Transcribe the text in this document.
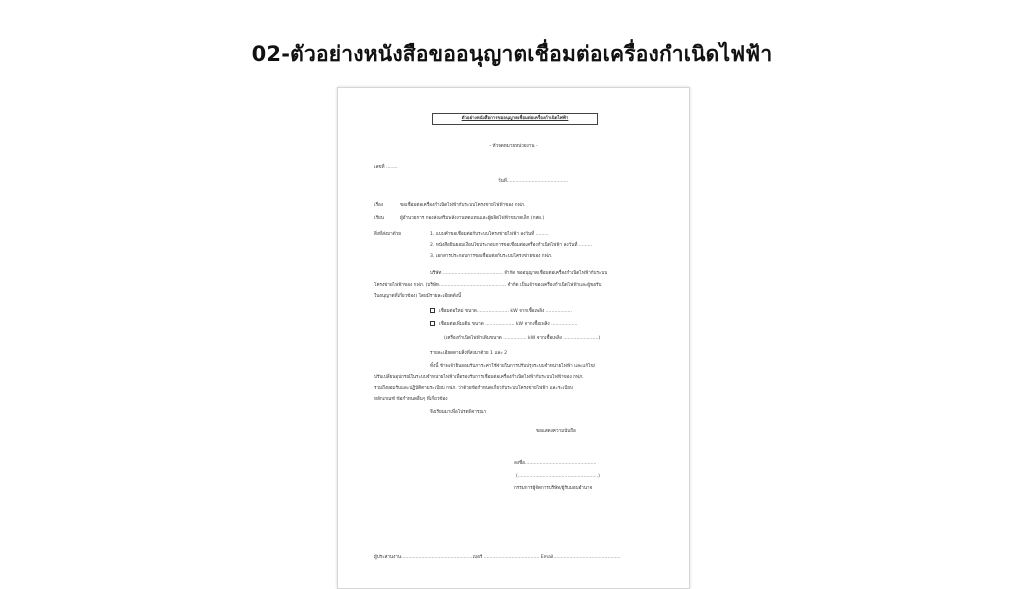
02-ตัวอย่างหนังสือขออนุญาตเชื่อมต่อเครื่องกำเนิดไฟฟ้า
ตัวอย่างหนังสือการขออนุญาตเชื่อมต่อเครื่องกำเนิดไฟฟ้า
- หัวจดหมายหน่วยงาน -
เลขที่ ........
วันที่..........................................
เรื่อง	ขอเชื่อมต่อเครื่องกำเนิดไฟฟ้ากับระบบโครงข่ายไฟฟ้าของ กฟภ.
เรียน	ผู้อำนวยการ กองส่งเสริมพลังงานทดแทนและผู้ผลิตไฟฟ้าขนาดเล็ก (กสผ.)
สิ่งที่ส่งมาด้วย	1. แบบคำขอเชื่อมต่อกับระบบโครงข่ายไฟฟ้า ลงวันที่ .........
2. หนังสือยินยอมเงื่อนไขประกอบการขอเชื่อมต่อเครื่องกำเนิดไฟฟ้า ลงวันที่ .........
3. เอกสารประกอบการขอเชื่อมต่อกับระบบโครงข่ายของ กฟภ.
บริษัท ......................................... จำกัด ขออนุญาตเชื่อมต่อเครื่องกำเนิดไฟฟ้ากับระบบ
โครงข่ายไฟฟ้าของ กฟภ. (บริษัท.............................................. จำกัด เป็นเจ้าของเครื่องกำเนิดไฟฟ้าและผู้ขอรับ
ใบอนุญาตที่เกี่ยวข้อง) โดยมีรายละเอียดดังนี้
เชื่อมต่อใหม่ ขนาด...................... kW จากเชื้อเพลิง ..................
เชื่อมต่อเพิ่มเติม ขนาด .................... kW จากเชื้อเพลิง ..................
(เครื่องกำเนิดไฟฟ้าเดิมขนาด ................ kW จากเชื้อเพลิง ........................)
รายละเอียดตามสิ่งที่ส่งมาด้วย 1 และ 2
ทั้งนี้ ข้าพเจ้ายินยอมรับภาระค่าใช้จ่ายในการปรับปรุงระบบจำหน่ายไฟฟ้า และแก้ไข/
ปรับเปลี่ยนอุปกรณ์ในระบบจำหน่ายไฟฟ้าเพื่อรองรับการเชื่อมต่อเครื่องกำเนิดไฟฟ้ากับระบบไฟฟ้าของ กฟภ.
รวมถึงยอมรับและปฏิบัติตามระเบียบ กฟภ. ว่าด้วยข้อกำหนดเกี่ยวกับระบบโครงข่ายไฟฟ้า และระเบียบ
หลักเกณฑ์ ข้อกำหนดอื่นๆ ที่เกี่ยวข้อง
จึงเรียนมาเพื่อโปรดพิจารณา
ขอแสดงความนับถือ
ลงชื่อ.................................................
(.......................................................)
กรรมการผู้จัดการบริษัท/ผู้รับมอบอำนาจ
ผู้ประสานงาน.................................................เบอร์ ...................................... Email..............................................
